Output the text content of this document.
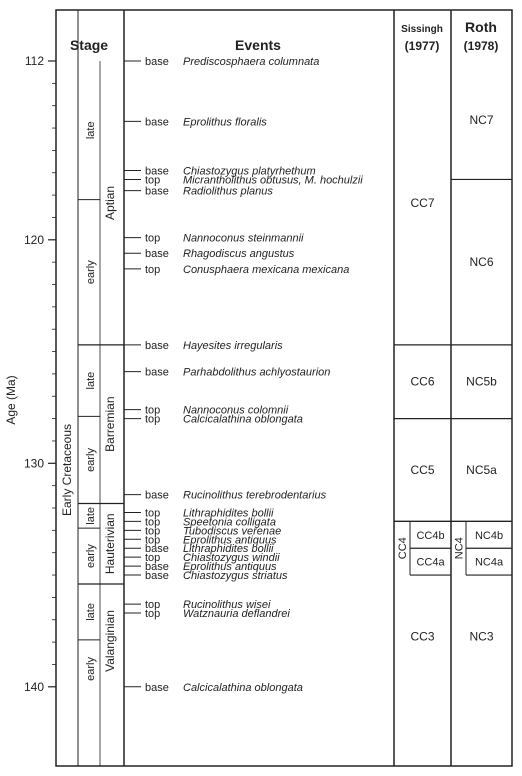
Stage	Events
Sissingh
(1977)
Roth
(1978)
Age (Ma)
Early Cretaceous
112
120
130
140
Aptian
late
early
Barremian
late
early
Hauterivian
late
early
Valanginian
late
early
base Prediscosphaera columnata
base Eprolithus floralis
base Chiastozygus platyrhethum
top Micrantholithus obtusus, M. hochulzii
base Radiolithus planus
top Nannoconus steinmannii
base Rhagodiscus angustus
top Conusphaera mexicana mexicana
base Hayesites irregularis
base Parhabdolithus achlyostaurion
top Nannoconus colomnii
top Calcicalathina oblongata
base Rucinolithus terebrodentarius
top Lithraphidites bollii
top Speetonia colligata
top Tubodiscus verenae
top Eprolithus antiquus
base Lithraphidites bollii
top Chiastozygus windii
base Eprolithus antiquus
base Chiastozygus striatus
top Rucinolithus wisei
top Watznauria deflandrei
base Calcicalathina oblongata
CC7
CC6
CC5
CC4b
CC4a
CC3
CC4
NC7
NC6
NC5b
NC5a
NC4b
NC4a
NC3
NC4
